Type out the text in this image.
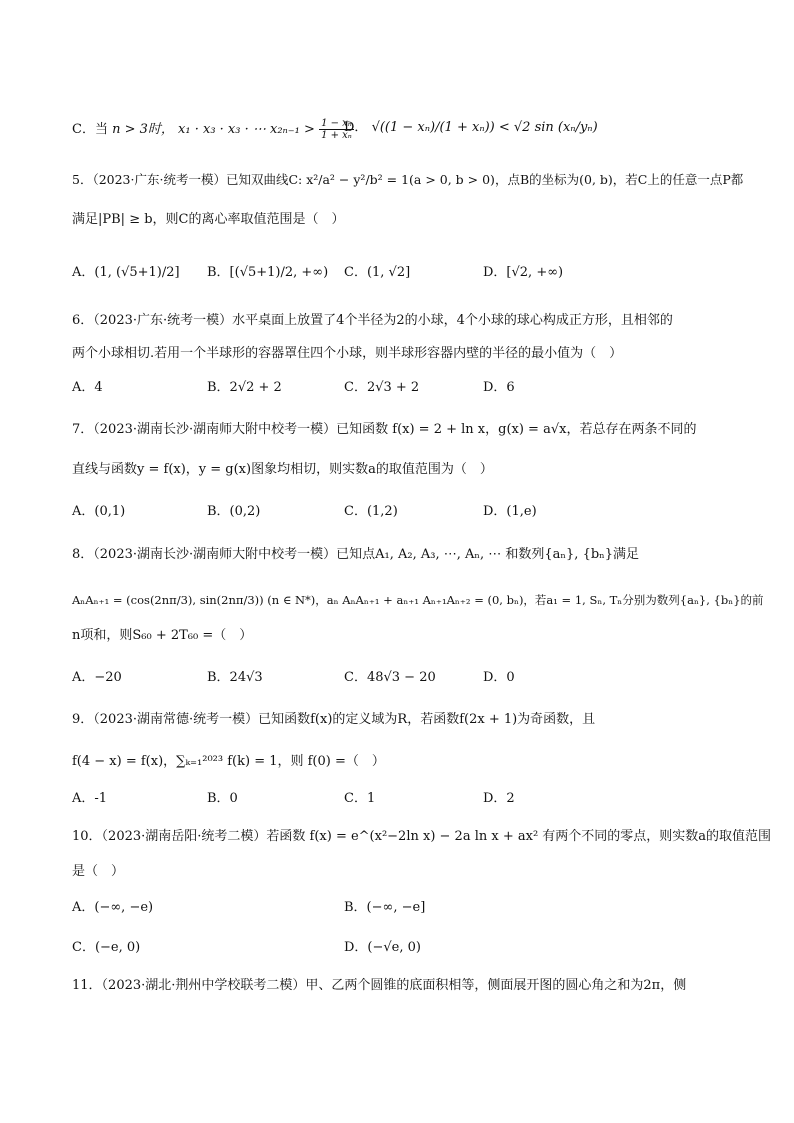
C．当 n > 3时， x₁ · x₃ · x₃ · ⋯ $x_{2n-1} > \frac{\text{1 − xₙ}}{\text{1 + xₙ}}$
D． √((1 − xₙ)/(1 + xₙ)) < √2 sin (xₙ/yₙ)
5．（2023·广东·统考一模）已知双曲线C: x²/a² − y²/b² = 1(a > 0, b > 0)，点B的坐标为(0, b)，若C上的任意一点P都
满足|PB| ≥ b，则C的离心率取值范围是（　）
A．(1, (√5+1)/2] B．[(√5+1)/2, +∞) C．(1, √2]	D．[√2, +∞)
6．（2023·广东·统考一模）水平桌面上放置了4个半径为2的小球，4个小球的球心构成正方形，且相邻的
两个小球相切.若用一个半球形的容器罩住四个小球，则半球形容器内壁的半径的最小值为（　）
A．4	B．2√2 + 2	C．2√3 + 2	D．6
7．（2023·湖南长沙·湖南师大附中校考一模）已知函数 f(x) = 2 + ln x，g(x) = a√x，若总存在两条不同的
直线与函数y = f(x)，y = g(x)图象均相切，则实数a的取值范围为（　）
A．(0,1)	B．(0,2)	C．(1,2)	D．(1,e)
8．（2023·湖南长沙·湖南师大附中校考一模）已知点A₁, A₂, A₃, ⋯, Aₙ, ⋯ 和数列{aₙ}, {bₙ}满足
AₙAₙ₊₁ = (cos(2nπ/3), sin(2nπ/3)) (n ∈ N*)，aₙ AₙAₙ₊₁ + aₙ₊₁ Aₙ₊₁Aₙ₊₂ = (0, bₙ)，若a₁ = 1, Sₙ, Tₙ分别为数列{aₙ}, {bₙ}的前
n项和，则S₆₀ + 2T₆₀ =（　）
A．−20	B．24√3	C．48√3 − 20	D．0
9．（2023·湖南常德·统考一模）已知函数f(x)的定义域为R，若函数f(2x + 1)为奇函数，且
f(4 − x) = f(x)，∑ₖ₌₁²⁰²³ f(k) = 1，则 f(0) =（　）
A．-1	B．0	C．1	D．2
10．（2023·湖南岳阳·统考二模）若函数 f(x) = e^(x²−2ln x) − 2a ln x + ax² 有两个不同的零点，则实数a的取值范围
是（　）
A．(−∞, −e)	B．(−∞, −e]
C．(−e, 0)	D．(−√e, 0)
11．（2023·湖北·荆州中学校联考二模）甲、乙两个圆锥的底面积相等，侧面展开图的圆心角之和为2π，侧
